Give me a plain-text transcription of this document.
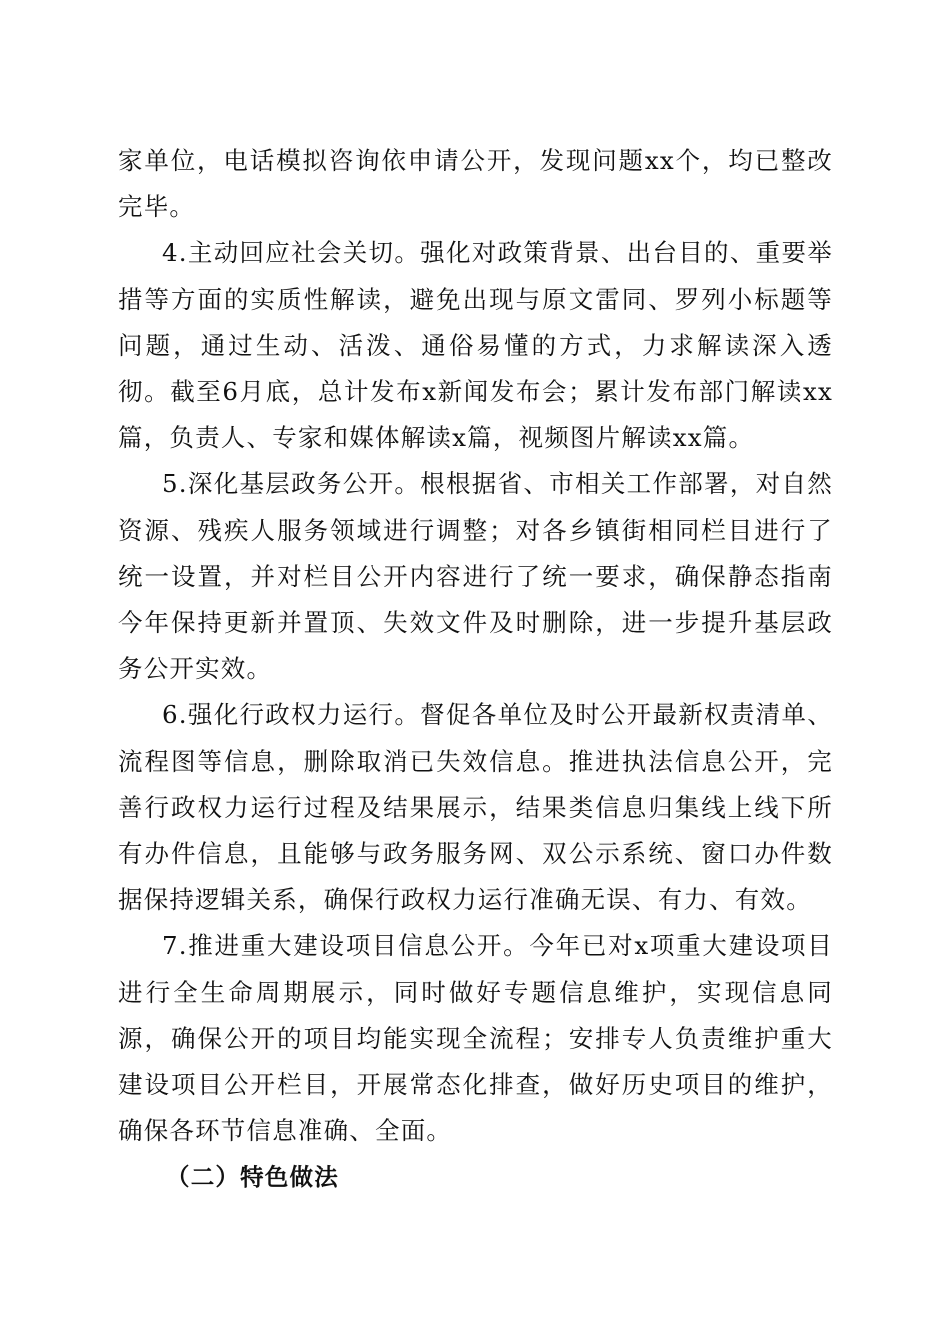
家单位，电话模拟咨询依申请公开，发现问题xx个，均已整改完毕。

4.主动回应社会关切。强化对政策背景、出台目的、重要举措等方面的实质性解读，避免出现与原文雷同、罗列小标题等问题，通过生动、活泼、通俗易懂的方式，力求解读深入透彻。截至6月底，总计发布x新闻发布会；累计发布部门解读xx篇，负责人、专家和媒体解读x篇，视频图片解读xx篇。

5.深化基层政务公开。根根据省、市相关工作部署，对自然资源、残疾人服务领域进行调整；对各乡镇街相同栏目进行了统一设置，并对栏目公开内容进行了统一要求，确保静态指南今年保持更新并置顶、失效文件及时删除，进一步提升基层政务公开实效。

6.强化行政权力运行。督促各单位及时公开最新权责清单、流程图等信息，删除取消已失效信息。推进执法信息公开，完善行政权力运行过程及结果展示，结果类信息归集线上线下所有办件信息，且能够与政务服务网、双公示系统、窗口办件数据保持逻辑关系，确保行政权力运行准确无误、有力、有效。

7.推进重大建设项目信息公开。今年已对x项重大建设项目进行全生命周期展示，同时做好专题信息维护，实现信息同源，确保公开的项目均能实现全流程；安排专人负责维护重大建设项目公开栏目，开展常态化排查，做好历史项目的维护，确保各环节信息准确、全面。

（二）特色做法
